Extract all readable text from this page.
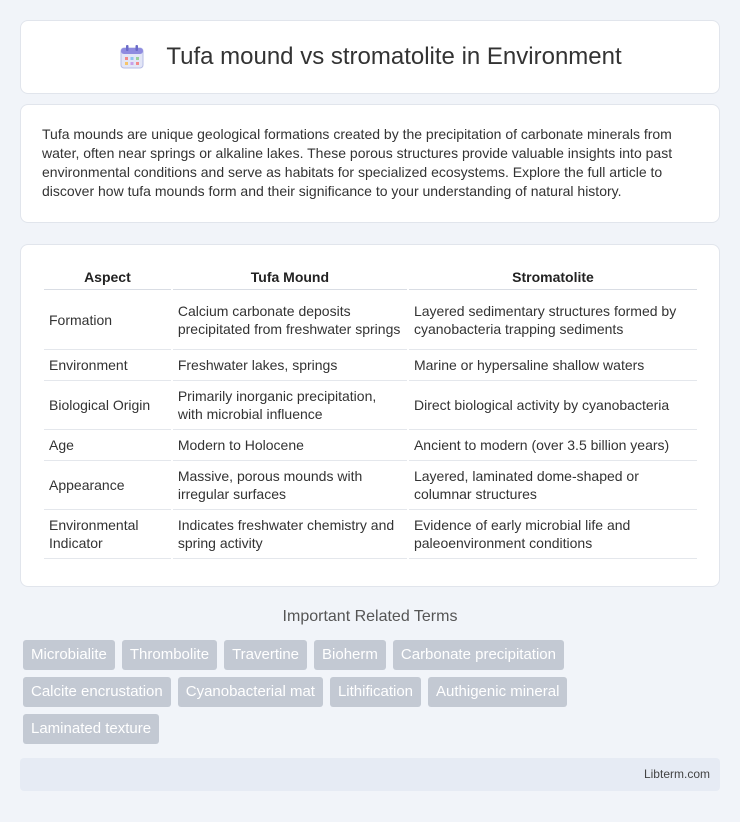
Tufa mound vs stromatolite in Environment

Tufa mounds are unique geological formations created by the precipitation of carbonate minerals from water, often near springs or alkaline lakes. These porous structures provide valuable insights into past environmental conditions and serve as habitats for specialized ecosystems. Explore the full article to discover how tufa mounds form and their significance to your understanding of natural history.

Aspect	Tufa Mound	Stromatolite
Formation	Calcium carbonate deposits precipitated from freshwater springs	Layered sedimentary structures formed by cyanobacteria trapping sediments
Environment	Freshwater lakes, springs	Marine or hypersaline shallow waters
Biological Origin	Primarily inorganic precipitation, with microbial influence	Direct biological activity by cyanobacteria
Age	Modern to Holocene	Ancient to modern (over 3.5 billion years)
Appearance	Massive, porous mounds with irregular surfaces	Layered, laminated dome-shaped or columnar structures
Environmental Indicator	Indicates freshwater chemistry and spring activity	Evidence of early microbial life and paleoenvironment conditions
Important Related Terms
Microbialite	Thrombolite	Travertine	Bioherm	Carbonate precipitation
Calcite encrustation	Cyanobacterial mat	Lithification	Authigenic mineral
Laminated texture
Libterm.com
